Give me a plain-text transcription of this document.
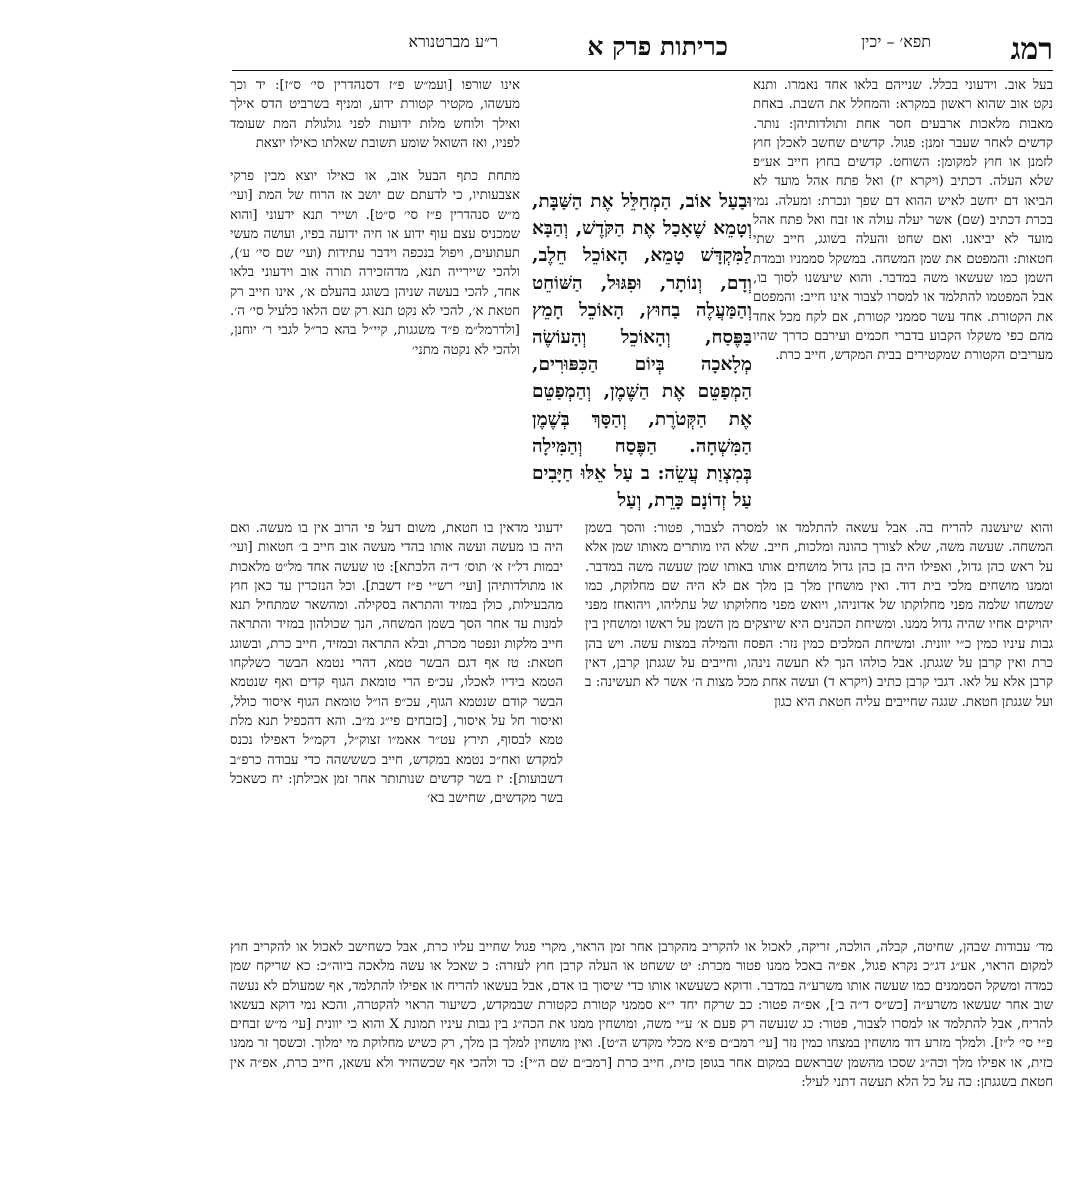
רמג
תפא׳ – יכין
כריתות פרק א
ר״ע מברטנורא

בעל אוב. וידעוני בכלל. שנייהם בלאו אחד נאמרו. ותנא נקט אוב שהוא ראשון במקרא: והמחלל את השבת. באחת מאבות מלאכות ארבעים חסר אחת ותולדותיהן: נותר. קדשים לאחר שעבר זמנן: פגול. קדשים שחשב לאכלן חוץ לזמנן או חוץ למקומן: השוחט. קדשים בחוץ חייב אע״פ שלא העלה. דכתיב (ויקרא יז) ואל פתח אהל מועד לא הביאו דם יחשב לאיש ההוא דם שפך ונכרת: ומעלה. נמי בכרת דכתיב (שם) אשר יעלה עולה או זבח ואל פתח אהל מועד לא יביאנו. ואם שחט והעלה בשוגג, חייב שתי חטאות: והמפטם את שמן המשחה. במשקל סממניו ובמדת השמן כמו שעשאו משה במדבר. והוא שיעשנו לסוך בו, אבל המפטמו להתלמד או למסרו לצבור אינו חייב: והמפטם את הקטורת. אחד עשר סממני קטורת, אם לקח מכל אחד מהם כפי משקלו הקבוע בדברי חכמים ועירבם כדרך שהיו מעריבים הקטורת שמקטירים בבית המקדש, חייב כרת.

וּבַעַל אוֹב, הַמְחַלֵּל אֶת הַשַּׁבָּת, וְטָמֵא שֶׁאָכַל אֶת הַקֹּדֶשׁ, וְהַבָּא לַמִּקְדָּשׁ טָמֵא, הָאוֹכֵל חֵלֶב, וְדָם, וְנוֹתָר, וּפִגּוּל, הַשּׁוֹחֵט וְהַמַּעֲלֶה בַחוּץ, הָאוֹכֵל חָמֵץ בַּפֶּסַח, וְהָאוֹכֵל וְהָעוֹשֶׂה מְלָאכָה בְּיוֹם הַכִּפּוּרִים, הַמְפַטֵּם אֶת הַשֶּׁמֶן, וְהַמְפַטֵּם אֶת הַקְּטֹרֶת, וְהַסָּךְ בְּשֶׁמֶן הַמִּשְׁחָה. הַפֶּסַח וְהַמִּילָה בְּמִצְוַת עֲשֵׂה: ב עַל אֵלּוּ חַיָּבִים עַל זְדוֹנָם כָּרֵת, וְעַל

אינו שורפו [ועמ״ש פ״ז דסנהדרין סי׳ ס״ז]: יד וכך מעשהו, מקטיר קטורת ידוע, ומניף בשרביט הדס אילך ואילך ולוחש מלות ידועות לפני גולגולת המת שעומד לפניו, ואז השואל שומע תשובת שאלתו כאילו יוצאת

מתחת כתף הבעל אוב, או כאילו יוצא מבין פרקי אצבעותיו, כי לדעתם שם יושב אז הרוח של המת [ועי׳ מ״ש סנהדרין פ״ז סי׳ ס״ט]. ושייר תנא ידעוני [והוא שמכניס עצם עוף ידוע או חיה ידועה בפיו, ועושה מעשי תעתועים, ויפול בנכפה וידבר עתידות (ועי׳ שם סי׳ ע׳), ולהכי שיירייה תנא, מדהזכירה תורה אוב וידעוני בלאו אחד, להכי בעשה שניהן בשוגג בהעלם א׳, אינו חייב רק חטאת א׳, להכי לא נקט תנא רק שם הלאו כלעיל סי׳ ה׳. [ולדרמל״מ פ״ד משגגות, קיי״ל בהא כר״ל לגבי ר׳ יוחנן, ולהכי לא נקטה מתני׳

והוא שיעשנה להריח בה. אבל עשאה להתלמד או למסרה לצבור, פטור: והסך בשמן המשחה. שעשה משה, שלא לצורך כהונה ומלכות, חייב. שלא היו מותרים מאותו שמן אלא על ראש כהן גדול, ואפילו היה בן כהן גדול מושחים אותו באותו שמן שעשה משה במדבר. וממנו מושחים מלכי בית דוד. ואין מושחין מלך בן מלך אם לא היה שם מחלוקת, כמו שמשחו שלמה מפני מחלוקתו של אדוניהו, ויואש מפני מחלוקתו של עתליהו, ויהואחז מפני יהויקים אחיו שהיה גדול ממנו. ומשיחת הכהנים היא שיוצקים מן השמן על ראשו ומושחין בין גבות עיניו כמין כ״י יוונית. ומשיחת המלכים כמין נזר: הפסח והמילה במצות עשה. ויש בהן כרת ואין קרבן על שגגתן. אבל כולהו הנך לא תעשה נינהו, וחייבים על שגגתן קרבן, דאין קרבן אלא על לאו. דגבי קרבן כתיב (ויקרא ד) ועשה אחת מכל מצות ה׳ אשר לא תעשינה: ב ועל שגגתן חטאת. שגגה שחייבים עליה חטאת היא כגון

ידעוני מדאין בו חטאת, משום דעל פי הרוב אין בו מעשה. ואם היה בו מעשה ועשה אותו בהדי מעשה אוב חייב ב׳ חטאות [ועי׳ יבמות דל״ז א׳ תוס׳ ד״ה הלכתא]: טו שעשה אחד מל״ט מלאכות או מתולדותיהן [ועי׳ רש״י פ״ז דשבת]. וכל הנזכרין עד כאן חוץ מהבעילות, כולן במזיד והתראה בסקילה. ומהשאר שמתחיל תנא למנות עד אחר הסך בשמן המשחה, הנך שכולהון במזיד והתראה חייב מלקות ונפטר מכרת, ובלא התראה ובמזיד, חייב כרת, ובשוגג חטאת: טז אף דגם הבשר טמא, דהרי נטמא הבשר כשלקחו הטמא בידיו לאכלו, עכ״פ הרי טומאת הגוף קדים ואף שנטמא הבשר קודם שנטמא הגוף, עכ״פ הו״ל טומאת הגוף איסור כולל, ואיסור חל על איסור, [כזבחים פי״ג מ״ב. והא דהכפיל תנא מלת טמא לבסוף, תירץ עט״ר אאמ״ו זצוק״ל, דקמ״ל דאפילו נכנס למקדש ואח״כ נטמא במקדש, חייב כשששהה כדי עבודה כרפ״ב דשבועות]: יז בשר קדשים שנותותר אחר זמן אכילתן: יח כשאכל בשר מקדשים, שחישב בא׳

מד׳ עבודות שבהן, שחיטה, קבלה, הולכה, זריקה, לאכול או להקריב מהקרבן אחר זמן הראוי, מקרי פגול שחייב עליו כרת, אבל כשחישב לאכול או להקריב חוץ למקום הראוי, אע״ג דג״כ נקרא פגול, אפ״ה באכל ממנו פטור מכרת: יט ששחט או העלה קרבן חוץ לעזרה: כ שאכל או עשה מלאכה ביוה״כ: כא שריקח שמן כמדה ומשקל הסממנים כמו שעשה אותו משרע״ה במדבר. ודוקא כשעשאו אותו כדי שיסוך בו אדם, אבל בעשאו להריח או אפילו להתלמד, אף שמעולם לא נעשה שוב אחר שעשאו משרע״ה [כש״ס ד״ה ב׳], אפ״ה פטור: כב שרקח יחד י״א סממני קטורת כקטורת שבמקדש, כשיעור הראוי להקטרה, והכא נמי דוקא בעשאו להריח, אבל להתלמד או למסרו לצבור, פטור: כג שנעשה רק פעם א׳ ע״י משה, ומושחין ממנו את הכה״ג בין גבות עיניו תמונת X והוא כי יוונית [עי׳ מ״ש זבחים פ״י סי׳ ל״ז]. ולמלך מזרע דוד מושחין במצחו כמין נזר [עי׳ רמב״ם פ״א מכלי מקדש ה״ט]. ואין מושחין למלך בן מלך, רק כשיש מחלוקת מי ימלוך. וכשסך זר ממנו כזית, או אפילו מלך וכה״ג שסכו מהשמן שבראשם במקום אחר בגופן כזית, חייב כרת [רמב״ם שם ה״י]: כד ולהכי אף שכשהזיד ולא עשאן, חייב כרת, אפ״ה אין חטאת בשגגתן: כה על כל הלא תעשה דתני לעיל:
